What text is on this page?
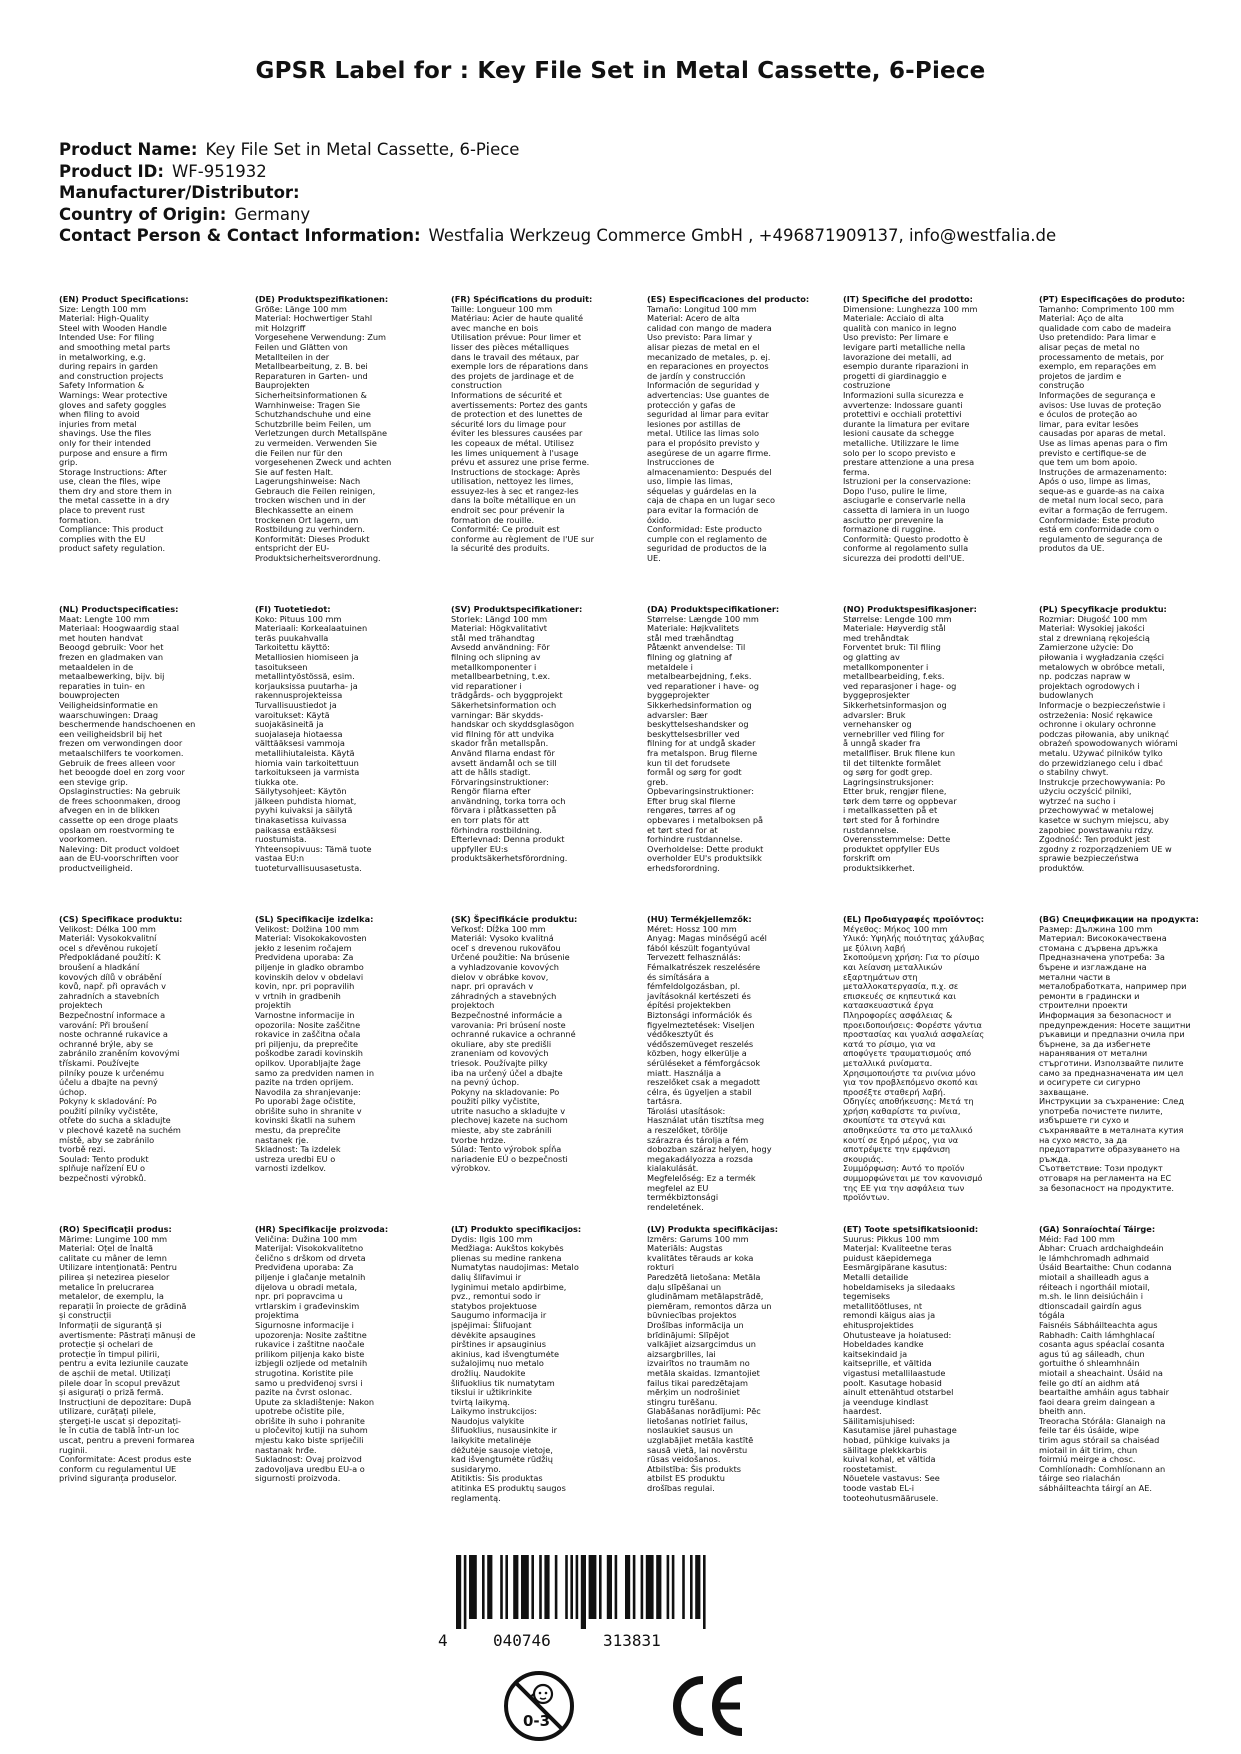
GPSR Label for : Key File Set in Metal Cassette, 6-Piece
Product Name: Key File Set in Metal Cassette, 6-Piece
Product ID: WF-951932
Manufacturer/Distributor:
Country of Origin: Germany
Contact Person & Contact Information: Westfalia Werkzeug Commerce GmbH , +496871909137, info@westfalia.de
(EN) Product Specifications:
Size: Length 100 mm
Material: High-Quality
Steel with Wooden Handle
Intended Use: For filing
and smoothing metal parts
in metalworking, e.g.
during repairs in garden
and construction projects
Safety Information &
Warnings: Wear protective
gloves and safety goggles
when filing to avoid
injuries from metal
shavings. Use the files
only for their intended
purpose and ensure a firm
grip.
Storage Instructions: After
use, clean the files, wipe
them dry and store them in
the metal cassette in a dry
place to prevent rust
formation.
Compliance: This product
complies with the EU
product safety regulation.
(DE) Produktspezifikationen:
Größe: Länge 100 mm
Material: Hochwertiger Stahl
mit Holzgriff
Vorgesehene Verwendung: Zum
Feilen und Glätten von
Metallteilen in der
Metallbearbeitung, z. B. bei
Reparaturen in Garten- und
Bauprojekten
Sicherheitsinformationen &
Warnhinweise: Tragen Sie
Schutzhandschuhe und eine
Schutzbrille beim Feilen, um
Verletzungen durch Metallspäne
zu vermeiden. Verwenden Sie
die Feilen nur für den
vorgesehenen Zweck und achten
Sie auf festen Halt.
Lagerungshinweise: Nach
Gebrauch die Feilen reinigen,
trocken wischen und in der
Blechkassette an einem
trockenen Ort lagern, um
Rostbildung zu verhindern.
Konformität: Dieses Produkt
entspricht der EU-
Produktsicherheitsverordnung.
(FR) Spécifications du produit:
Taille: Longueur 100 mm
Matériau: Acier de haute qualité
avec manche en bois
Utilisation prévue: Pour limer et
lisser des pièces métalliques
dans le travail des métaux, par
exemple lors de réparations dans
des projets de jardinage et de
construction
Informations de sécurité et
avertissements: Portez des gants
de protection et des lunettes de
sécurité lors du limage pour
éviter les blessures causées par
les copeaux de métal. Utilisez
les limes uniquement à l'usage
prévu et assurez une prise ferme.
Instructions de stockage: Après
utilisation, nettoyez les limes,
essuyez-les à sec et rangez-les
dans la boîte métallique en un
endroit sec pour prévenir la
formation de rouille.
Conformité: Ce produit est
conforme au règlement de l'UE sur
la sécurité des produits.
(ES) Especificaciones del producto:
Tamaño: Longitud 100 mm
Material: Acero de alta
calidad con mango de madera
Uso previsto: Para limar y
alisar piezas de metal en el
mecanizado de metales, p. ej.
en reparaciones en proyectos
de jardín y construcción
Información de seguridad y
advertencias: Use guantes de
protección y gafas de
seguridad al limar para evitar
lesiones por astillas de
metal. Utilice las limas solo
para el propósito previsto y
asegúrese de un agarre firme.
Instrucciones de
almacenamiento: Después del
uso, limpie las limas,
séquelas y guárdelas en la
caja de chapa en un lugar seco
para evitar la formación de
óxido.
Conformidad: Este producto
cumple con el reglamento de
seguridad de productos de la
UE.
(IT) Specifiche del prodotto:
Dimensione: Lunghezza 100 mm
Materiale: Acciaio di alta
qualità con manico in legno
Uso previsto: Per limare e
levigare parti metalliche nella
lavorazione dei metalli, ad
esempio durante riparazioni in
progetti di giardinaggio e
costruzione
Informazioni sulla sicurezza e
avvertenze: Indossare guanti
protettivi e occhiali protettivi
durante la limatura per evitare
lesioni causate da schegge
metalliche. Utilizzare le lime
solo per lo scopo previsto e
prestare attenzione a una presa
ferma.
Istruzioni per la conservazione:
Dopo l'uso, pulire le lime,
asciugarle e conservarle nella
cassetta di lamiera in un luogo
asciutto per prevenire la
formazione di ruggine.
Conformità: Questo prodotto è
conforme al regolamento sulla
sicurezza dei prodotti dell'UE.
(PT) Especificações do produto:
Tamanho: Comprimento 100 mm
Material: Aço de alta
qualidade com cabo de madeira
Uso pretendido: Para limar e
alisar peças de metal no
processamento de metais, por
exemplo, em reparações em
projetos de jardim e
construção
Informações de segurança e
avisos: Use luvas de proteção
e óculos de proteção ao
limar, para evitar lesões
causadas por aparas de metal.
Use as limas apenas para o fim
previsto e certifique-se de
que tem um bom apoio.
Instruções de armazenamento:
Após o uso, limpe as limas,
seque-as e guarde-as na caixa
de metal num local seco, para
evitar a formação de ferrugem.
Conformidade: Este produto
está em conformidade com o
regulamento de segurança de
produtos da UE.
(NL) Productspecificaties:
Maat: Lengte 100 mm
Materiaal: Hoogwaardig staal
met houten handvat
Beoogd gebruik: Voor het
frezen en gladmaken van
metaaldelen in de
metaalbewerking, bijv. bij
reparaties in tuin- en
bouwprojecten
Veiligheidsinformatie en
waarschuwingen: Draag
beschermende handschoenen en
een veiligheidsbril bij het
frezen om verwondingen door
metaalschilfers te voorkomen.
Gebruik de frees alleen voor
het beoogde doel en zorg voor
een stevige grip.
Opslaginstructies: Na gebruik
de frees schoonmaken, droog
afvegen en in de blikken
cassette op een droge plaats
opslaan om roestvorming te
voorkomen.
Naleving: Dit product voldoet
aan de EU-voorschriften voor
productveiligheid.
(FI) Tuotetiedot:
Koko: Pituus 100 mm
Materiaali: Korkealaatuinen
teräs puukahvalla
Tarkoitettu käyttö:
Metalliosien hiomiseen ja
tasoitukseen
metallintyöstössä, esim.
korjauksissa puutarha- ja
rakennusprojekteissa
Turvallisuustiedot ja
varoitukset: Käytä
suojakäsineitä ja
suojalaseja hiotaessa
välttääksesi vammoja
metallihiutaleista. Käytä
hiomia vain tarkoitettuun
tarkoitukseen ja varmista
tiukka ote.
Säilytysohjeet: Käytön
jälkeen puhdista hiomat,
pyyhi kuivaksi ja säilytä
tinakasetissa kuivassa
paikassa estääksesi
ruostumista.
Yhteensopivuus: Tämä tuote
vastaa EU:n
tuoteturvallisuusasetusta.
(SV) Produktspecifikationer:
Storlek: Längd 100 mm
Material: Högkvalitativt
stål med trähandtag
Avsedd användning: För
filning och slipning av
metallkomponenter i
metallbearbetning, t.ex.
vid reparationer i
trädgårds- och byggprojekt
Säkerhetsinformation och
varningar: Bär skydds-
handskar och skyddsglasögon
vid filning för att undvika
skador från metallspån.
Använd filarna endast för
avsett ändamål och se till
att de hålls stadigt.
Förvaringsinstruktioner:
Rengör filarna efter
användning, torka torra och
förvara i plåtkassetten på
en torr plats för att
förhindra rostbildning.
Efterlevnad: Denna produkt
uppfyller EU:s
produktsäkerhetsförordning.
(DA) Produktspecifikationer:
Størrelse: Længde 100 mm
Materiale: Højkvalitets
stål med træhåndtag
Påtænkt anvendelse: Til
filning og glatning af
metaldele i
metalbearbejdning, f.eks.
ved reparationer i have- og
byggeprojekter
Sikkerhedsinformation og
advarsler: Bær
beskyttelseshandsker og
beskyttelsesbriller ved
filning for at undgå skader
fra metalspon. Brug filerne
kun til det forudsete
formål og sørg for godt
greb.
Opbevaringsinstruktioner:
Efter brug skal filerne
rengøres, tørres af og
opbevares i metalboksen på
et tørt sted for at
forhindre rustdannelse.
Overholdelse: Dette produkt
overholder EU's produktsikk
erhedsforordning.
(NO) Produktspesifikasjoner:
Størrelse: Lengde 100 mm
Materiale: Høyverdig stål
med trehåndtak
Forventet bruk: Til filing
og glatting av
metallkomponenter i
metallbearbeiding, f.eks.
ved reparasjoner i hage- og
byggeprosjekter
Sikkerhetsinformasjon og
advarsler: Bruk
vernehansker og
vernebriller ved filing for
å unngå skader fra
metallfliser. Bruk filene kun
til det tiltenkte formålet
og sørg for godt grep.
Lagringsinstruksjoner:
Etter bruk, rengjør filene,
tørk dem tørre og oppbevar
i metallkassetten på et
tørt sted for å forhindre
rustdannelse.
Overensstemmelse: Dette
produktet oppfyller EUs
forskrift om
produktsikkerhet.
(PL) Specyfikacje produktu:
Rozmiar: Długość 100 mm
Materiał: Wysokiej jakości
stal z drewnianą rękojeścią
Zamierzone użycie: Do
piłowania i wygładzania części
metalowych w obróbce metali,
np. podczas napraw w
projektach ogrodowych i
budowlanych
Informacje o bezpieczeństwie i
ostrzeżenia: Nosić rękawice
ochronne i okulary ochronne
podczas piłowania, aby uniknąć
obrażeń spowodowanych wiórami
metalu. Używać pilników tylko
do przewidzianego celu i dbać
o stabilny chwyt.
Instrukcje przechowywania: Po
użyciu oczyścić pilniki,
wytrzeć na sucho i
przechowywać w metalowej
kasetce w suchym miejscu, aby
zapobiec powstawaniu rdzy.
Zgodność: Ten produkt jest
zgodny z rozporządzeniem UE w
sprawie bezpieczeństwa
produktów.
(CS) Specifikace produktu:
Velikost: Délka 100 mm
Materiál: Vysokokvalitní
ocel s dřevěnou rukojetí
Předpokládané použití: K
broušení a hladkání
kovových dílů v obrábění
kovů, např. při opravách v
zahradních a stavebních
projektech
Bezpečnostní informace a
varování: Při broušení
noste ochranné rukavice a
ochranné brýle, aby se
zabránilo zraněním kovovými
třískami. Používejte
pilníky pouze k určenému
účelu a dbajte na pevný
úchop.
Pokyny k skladování: Po
použití pilníky vyčistěte,
otřete do sucha a skladujte
v plechové kazetě na suchém
místě, aby se zabránilo
tvorbě rezi.
Soulad: Tento produkt
splňuje nařízení EU o
bezpečnosti výrobků.
(SL) Specifikacije izdelka:
Velikost: Dolžina 100 mm
Material: Visokokakovosten
jekło z lesenim ročajem
Predvidena uporaba: Za
piljenje in gladko obrambo
kovinskih delov v obdelavi
kovin, npr. pri popravilih
v vrtnih in gradbenih
projektih
Varnostne informacije in
opozorila: Nosite zaščitne
rokavice in zaščitna očala
pri piljenju, da preprečite
poškodbe zaradi kovinskih
opilkov. Uporabljajte žage
samo za predviden namen in
pazite na trden oprijem.
Navodila za shranjevanje:
Po uporabi žage očistite,
obrišite suho in shranite v
kovinski škatli na suhem
mestu, da preprečite
nastanek rje.
Skladnost: Ta izdelek
ustreza uredbi EU o
varnosti izdelkov.
(SK) Špecifikácie produktu:
Veľkosť: Dĺžka 100 mm
Materiál: Vysoko kvalitná
oceľ s drevenou rukoväťou
Určené použitie: Na brúsenie
a vyhladzovanie kovových
dielov v obrábke kovov,
napr. pri opravách v
záhradných a stavebných
projektoch
Bezpečnostné informácie a
varovania: Pri brúsení noste
ochranné rukavice a ochranné
okuliare, aby ste predišli
zraneniam od kovových
triesok. Používajte pilky
iba na určený účel a dbajte
na pevný úchop.
Pokyny na skladovanie: Po
použití pilky vyčistite,
utrite nasucho a skladujte v
plechovej kazete na suchom
mieste, aby ste zabránili
tvorbe hrdze.
Súlad: Tento výrobok spĺňa
nariadenie EÚ o bezpečnosti
výrobkov.
(HU) Termékjellemzők:
Méret: Hossz 100 mm
Anyag: Magas minőségű acél
fából készült fogantyúval
Tervezett felhasználás:
Fémalkatrészek reszelésére
és simítására a
fémfeldolgozásban, pl.
javításoknál kertészeti és
építési projektekben
Biztonsági információk és
figyelmeztetések: Viseljen
védőkesztyűt és
védőszemüveget reszelés
közben, hogy elkerülje a
sérüléseket a fémforgácsok
miatt. Használja a
reszelőket csak a megadott
célra, és ügyeljen a stabil
tartásra.
Tárolási utasítások:
Használat után tisztítsa meg
a reszelőket, törölje
szárazra és tárolja a fém
dobozban száraz helyen, hogy
megakadályozza a rozsda
kialakulását.
Megfelelőség: Ez a termék
megfelel az EU
termékbiztonsági
rendeletének.
(EL) Προδιαγραφές προϊόντος:
Μέγεθος: Μήκος 100 mm
Υλικό: Υψηλής ποιότητας χάλυβας
με ξύλινη λαβή
Σκοπούμενη χρήση: Για το ρίσιμο
και λείανση μεταλλικών
εξαρτημάτων στη
μεταλλοκατεργασία, π.χ. σε
επισκευές σε κηπευτικά και
κατασκευαστικά έργα
Πληροφορίες ασφάλειας &
προειδοποιήσεις: Φορέστε γάντια
προστασίας και γυαλιά ασφαλείας
κατά το ρίσιμο, για να
αποφύγετε τραυματισμούς από
μεταλλικά ρινίσματα.
Χρησιμοποιήστε τα ρινίνια μόνο
για τον προβλεπόμενο σκοπό και
προσέξτε σταθερή λαβή.
Οδηγίες αποθήκευσης: Μετά τη
χρήση καθαρίστε τα ρινίνια,
σκουπίστε τα στεγνά και
αποθηκεύστε τα στο μεταλλικό
κουτί σε ξηρό μέρος, για να
αποτρέψετε την εμφάνιση
σκουριάς.
Συμμόρφωση: Αυτό το προϊόν
συμμορφώνεται με τον κανονισμό
της ΕΕ για την ασφάλεια των
προϊόντων.
(BG) Спецификации на продукта:
Размер: Дължина 100 mm
Материал: Висококачествена
стомана с дървена дръжка
Предназначена употреба: За
бърене и изглаждане на
метални части в
металобработката, например при
ремонти в градински и
строителни проекти
Информация за безопасност и
предупреждения: Носете защитни
ръкавици и предпазни очила при
бърнене, за да избегнете
наранявания от метални
стърготини. Използвайте пилите
само за предназначената им цел
и осигурете си сигурно
захващане.
Инструкции за съхранение: След
употреба почистете пилите,
избършете ги сухо и
съхранявайте в металната кутия
на сухо място, за да
предотвратите образуването на
ръжда.
Съответствие: Този продукт
отговаря на регламента на ЕС
за безопасност на продуктите.
(RO) Specificații produs:
Mărime: Lungime 100 mm
Material: Oțel de înaltă
calitate cu mâner de lemn
Utilizare intenționată: Pentru
pilirea și netezirea pieselor
metalice în prelucrarea
metalelor, de exemplu, la
reparații în proiecte de grădină
și construcții
Informații de siguranță și
avertismente: Păstrați mănuși de
protecție și ochelari de
protecție în timpul pilirii,
pentru a evita leziunile cauzate
de așchii de metal. Utilizați
pilele doar în scopul prevăzut
și asigurați o priză fermă.
Instrucțiuni de depozitare: După
utilizare, curățați pilele,
ștergeți-le uscat și depozitați-
le în cutia de tablă într-un loc
uscat, pentru a preveni formarea
ruginii.
Conformitate: Acest produs este
conform cu regulamentul UE
privind siguranța produselor.
(HR) Specifikacije proizvoda:
Veličina: Dužina 100 mm
Materijal: Visokokvalitetno
čelično s drškom od drveta
Predviđena uporaba: Za
piljenje i glačanje metalnih
dijelova u obradi metala,
npr. pri popravcima u
vrtlarskim i građevinskim
projektima
Sigurnosne informacije i
upozorenja: Nosite zaštitne
rukavice i zaštitne naočale
prilikom piljenja kako biste
izbjegli ozljede od metalnih
strugotina. Koristite pile
samo u predviđenoj svrsi i
pazite na čvrst oslonac.
Upute za skladištenje: Nakon
upotrebe očistite pile,
obrišite ih suho i pohranite
u pločevitoj kutiji na suhom
mjestu kako biste spriječili
nastanak hrđe.
Sukladnost: Ovaj proizvod
zadovoljava uredbu EU-a o
sigurnosti proizvoda.
(LT) Produkto specifikacijos:
Dydis: Ilgis 100 mm
Medžiaga: Aukštos kokybės
plienas su medine rankena
Numatytas naudojimas: Metalo
dalių šlifavimui ir
lyginimui metalo apdirbime,
pvz., remontui sodo ir
statybos projektuose
Saugumo informacija ir
įspėjimai: Šlifuojant
dėvėkite apsaugines
pirštines ir apsauginius
akinius, kad išvengtumėte
sužalojimų nuo metalo
drožlių. Naudokite
šlifuoklius tik numatytam
tikslui ir užtikrinkite
tvirtą laikymą.
Laikymo instrukcijos:
Naudojus valykite
šlifuoklius, nusausinkite ir
laikykite metalinėje
dėžutėje sausoje vietoje,
kad išvengtumėte rūdžių
susidarymo.
Atitiktis: Šis produktas
atitinka ES produktų saugos
reglamentą.
(LV) Produkta specifikācijas:
Izmērs: Garums 100 mm
Materiāls: Augstas
kvalitātes tērauds ar koka
rokturi
Paredzētā lietošana: Metāla
daļu slīpēšanai un
gludināmam metālapstrādē,
piemēram, remontos dārza un
būvniecības projektos
Drošības informācija un
brīdinājumi: Slīpējot
valkājiet aizsargcimdus un
aizsargbrilles, lai
izvairītos no traumām no
metāla skaidas. Izmantojiet
failus tikai paredzētajam
mērķim un nodrošiniet
stingru turēšanu.
Glabāšanas norādījumi: Pēc
lietošanas notīriet failus,
noslaukiet sausus un
uzglabājiet metāla kastītē
sausā vietā, lai novērstu
rūsas veidošanos.
Atbilstība: Šis produkts
atbilst ES produktu
drošības regulai.
(ET) Toote spetsifikatsioonid:
Suurus: Pikkus 100 mm
Materjal: Kvaliteetne teras
puidust käepidemega
Eesmärgipärane kasutus:
Metalli detailide
hobeldamiseks ja siledaaks
tegemiseks
metallitöötluses, nt
remondi käigus aias ja
ehitusprojektides
Ohutusteave ja hoiatused:
Hobeldades kandke
kaitsekindaid ja
kaitseprille, et vältida
vigastusi metallilaastude
poolt. Kasutage hobasid
ainult ettenähtud otstarbel
ja veenduge kindlast
haardest.
Säilitamisjuhised:
Kasutamise järel puhastage
hobad, pühkige kuivaks ja
säilitage plekkkarbis
kuival kohal, et vältida
roostetamist.
Nõuetele vastavus: See
toode vastab EL-i
tooteohutusmäärusele.
(GA) Sonraíochtaí Táirge:
Méid: Fad 100 mm
Ábhar: Cruach ardchaighdeáin
le lámhchromadh adhmaid
Úsáid Beartaithe: Chun codanna
miotail a shailleadh agus a
réiteach i ngortháil miotail,
m.sh. le linn deisiúcháin i
dtionscadail gairdín agus
tógála
Faisnéis Sábháilteachta agus
Rabhadh: Caith lámhghlacaí
cosanta agus spéaclaí cosanta
agus tú ag sáileadh, chun
gortuithe ó shleamhnáin
miotail a sheachaint. Úsáid na
feile go dtí an aidhm atá
beartaithe amháin agus tabhair
faoi deara greim daingean a
bheith ann.
Treoracha Stórála: Glanaigh na
feile tar éis úsáide, wipe
tirim agus stórail sa chaiséad
miotail in áit tirim, chun
foirmiú meirge a chosc.
Comhlíonadh: Comhlíonann an
táirge seo rialachán
sábháilteachta táirgí an AE.
4	040746	313831
0-3
